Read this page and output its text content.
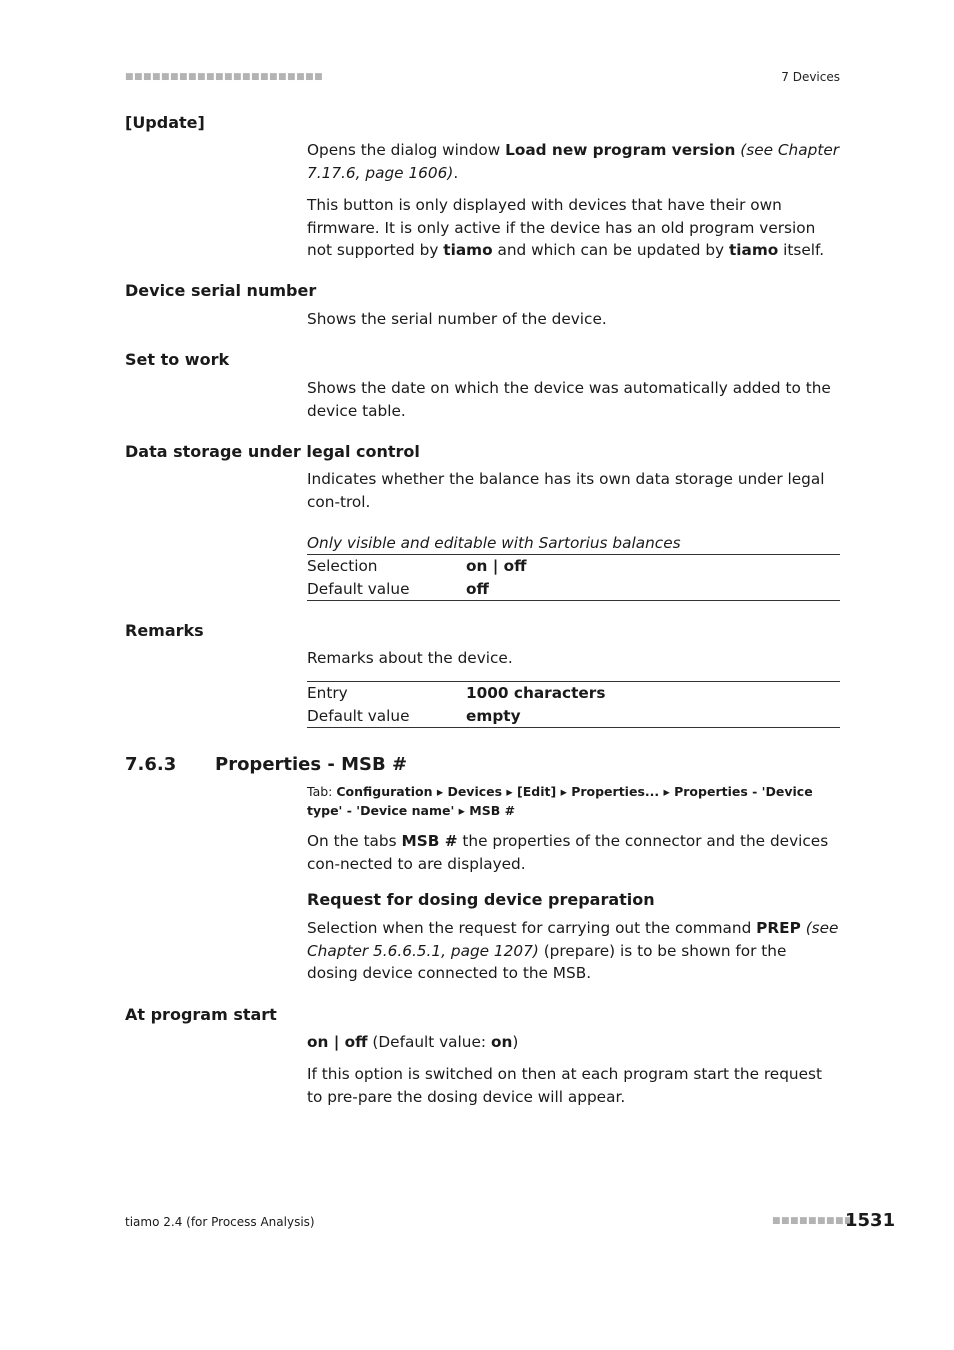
■■■■■■■■■■■■■■■■■■■■■■	7 Devices
[Update]

Opens the dialog window Load new program version (see Chapter 7.17.6, page 1606).

This button is only displayed with devices that have their own firmware. It is only active if the device has an old program version not supported by tiamo and which can be updated by tiamo itself.

Device serial number
Shows the serial number of the device.
Set to work
Shows the date on which the device was automatically added to the device table.
Data storage under legal control
Indicates whether the balance has its own data storage under legal con-trol.
Only visible and editable with Sartorius balances
Selection	on | off
Default value	off
Remarks
Remarks about the device.
Entry	1000 characters
Default value	empty
7.6.3 Properties - MSB #
Tab: Configuration ▸ Devices ▸ [Edit] ▸ Properties... ▸ Properties - 'Device type' - 'Device name' ▸ MSB #
On the tabs MSB # the properties of the connector and the devices con-nected to are displayed.
Request for dosing device preparation
Selection when the request for carrying out the command PREP (see Chapter 5.6.6.5.1, page 1207) (prepare) is to be shown for the dosing device connected to the MSB.
At program start
on | off (Default value: on)
If this option is switched on then at each program start the request to pre-pare the dosing device will appear.
tiamo 2.4 (for Process Analysis)	■■■■■■■■■
1531
